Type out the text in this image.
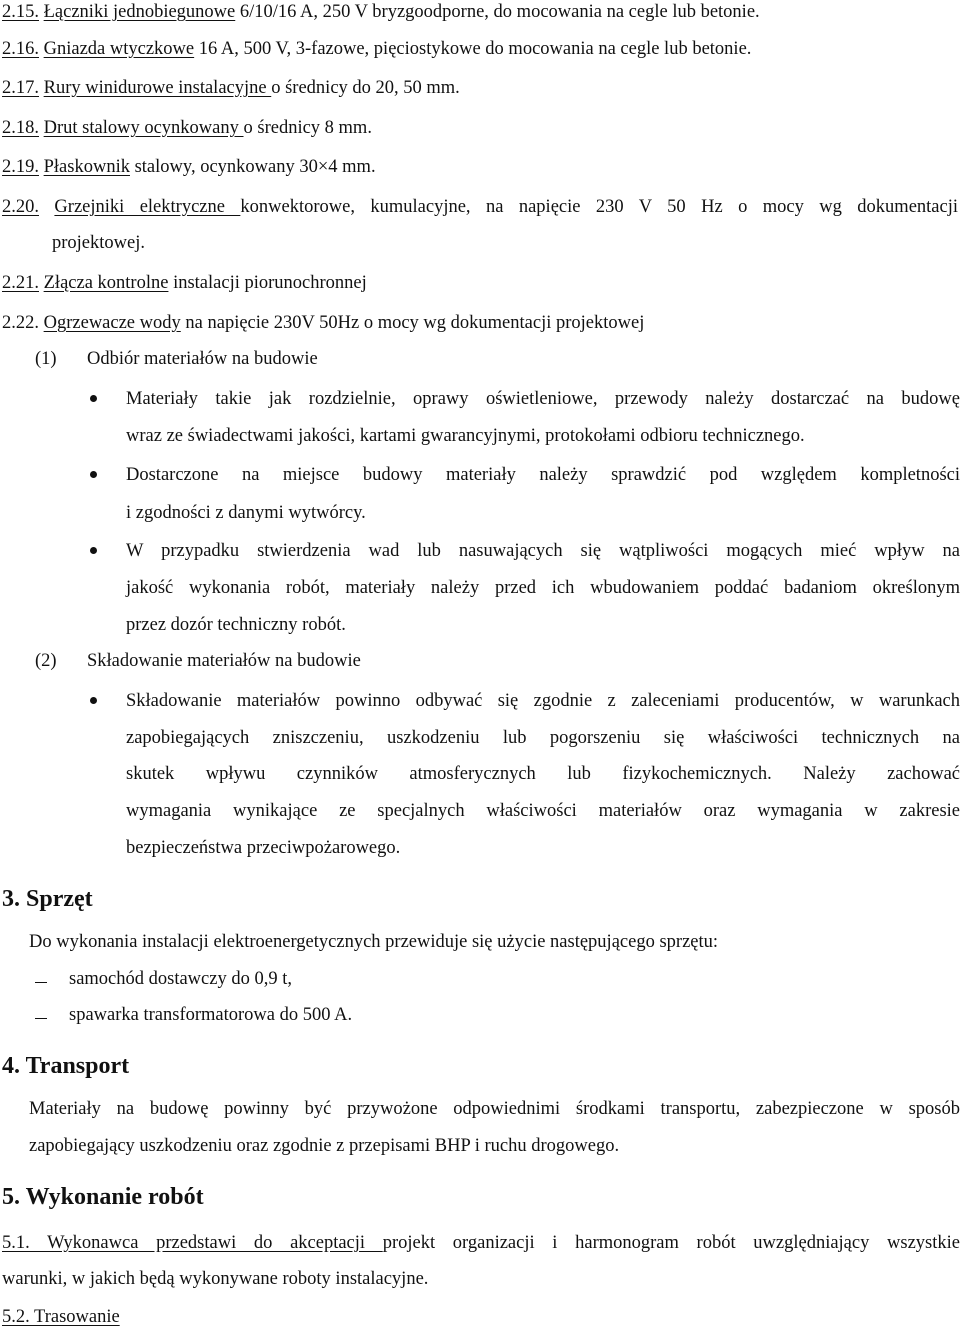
2.15. Łączniki jednobiegunowe 6/10/16 A, 250 V bryzgoodporne, do mocowania na cegle lub betonie.
2.16. Gniazda wtyczkowe 16 A, 500 V, 3-fazowe, pięciostykowe do mocowania na cegle lub betonie.
2.17. Rury winidurowe instalacyjne o średnicy do 20, 50 mm.
2.18. Drut stalowy ocynkowany o średnicy 8 mm.
2.19. Płaskownik stalowy, ocynkowany 30×4 mm.
2.20. Grzejniki elektryczne konwektorowe, kumulacyjne, na napięcie 230 V 50 Hz o mocy wg dokumentacji
projektowej.
2.21. Złącza kontrolne instalacji piorunochronnej
2.22. Ogrzewacze wody na napięcie 230V 50Hz o mocy wg dokumentacji projektowej
(1) Odbiór materiałów na budowie
Materiały takie jak rozdzielnie, oprawy oświetleniowe, przewody należy dostarczać na budowę
wraz ze świadectwami jakości, kartami gwarancyjnymi, protokołami odbioru technicznego.
Dostarczone na miejsce budowy materiały należy sprawdzić pod względem kompletności
i zgodności z danymi wytwórcy.
W przypadku stwierdzenia wad lub nasuwających się wątpliwości mogących mieć wpływ na
jakość wykonania robót, materiały należy przed ich wbudowaniem poddać badaniom określonym
przez dozór techniczny robót.
(2) Składowanie materiałów na budowie
Składowanie materiałów powinno odbywać się zgodnie z zaleceniami producentów, w warunkach
zapobiegających zniszczeniu, uszkodzeniu lub pogorszeniu się właściwości technicznych na
skutek wpływu czynników atmosferycznych lub fizykochemicznych. Należy zachować
wymagania wynikające ze specjalnych właściwości materiałów oraz wymagania w zakresie
bezpieczeństwa przeciwpożarowego.
3. Sprzęt
Do wykonania instalacji elektroenergetycznych przewiduje się użycie następującego sprzętu:
samochód dostawczy do 0,9 t,
spawarka transformatorowa do 500 A.
4. Transport
Materiały na budowę powinny być przywożone odpowiednimi środkami transportu, zabezpieczone w sposób
zapobiegający uszkodzeniu oraz zgodnie z przepisami BHP i ruchu drogowego.
5. Wykonanie robót
5.1. Wykonawca przedstawi do akceptacji projekt organizacji i harmonogram robót uwzględniający wszystkie
warunki, w jakich będą wykonywane roboty instalacyjne.
5.2. Trasowanie
